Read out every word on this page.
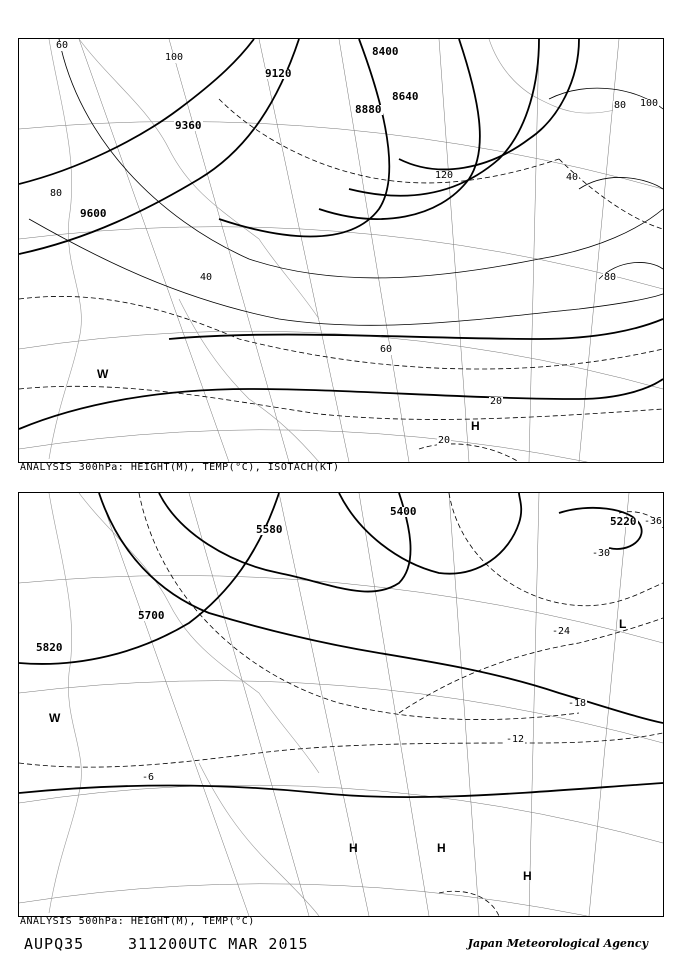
9600
9360
9120
8880
8640
8400
60
80
100
120	40
20
80 100
60
80
40
20
H
W
ANALYSIS 300hPa: HEIGHT(M), TEMP(°C), ISOTACH(KT)
5820
5700
5580
5400
5220
-6
-12
-18
-24
-30
-36
H	H
H
L
W
ANALYSIS 500hPa: HEIGHT(M), TEMP(°C)
AUPQ35	311200UTC MAR 2015	Japan Meteorological Agency
